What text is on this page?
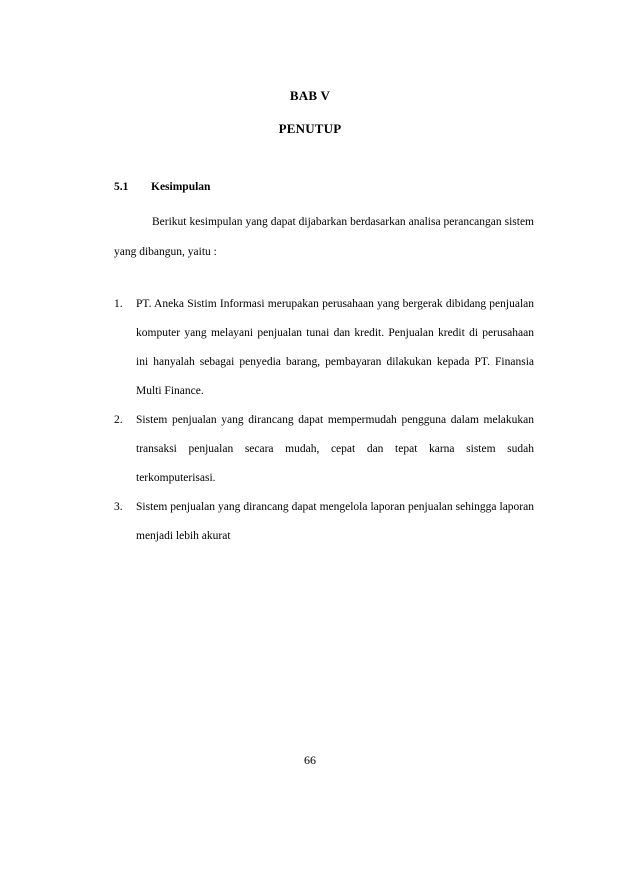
BAB V
PENUTUP
5.1 Kesimpulan

Berikut kesimpulan yang dapat dijabarkan berdasarkan analisa perancangan sistem yang dibangun, yaitu :

1. PT. Aneka Sistim Informasi merupakan perusahaan yang bergerak dibidang penjualan komputer yang melayani penjualan tunai dan kredit. Penjualan kredit di perusahaan ini hanyalah sebagai penyedia barang, pembayaran dilakukan kepada PT. Finansia Multi Finance.
2. Sistem penjualan yang dirancang dapat mempermudah pengguna dalam melakukan transaksi penjualan secara mudah, cepat dan tepat karna sistem sudah terkomputerisasi.
3. Sistem penjualan yang dirancang dapat mengelola laporan penjualan sehingga laporan menjadi lebih akurat
66
